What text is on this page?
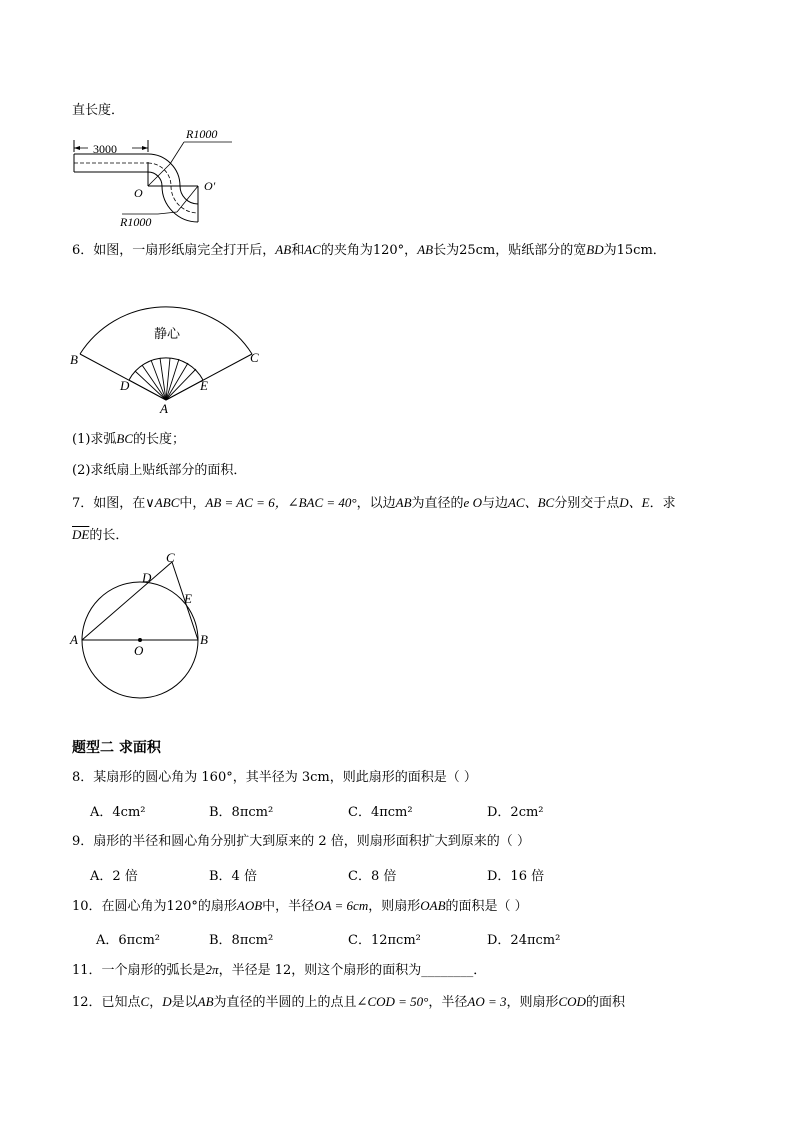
直长度．
3000
R1000
R1000
O	O′
6．如图，一扇形纸扇完全打开后，AB和AC的夹角为120°，AB长为25cm，贴纸部分的宽BD为15cm．
静心
B	C
D	E
A
(1)求弧BC的长度；
(2)求纸扇上贴纸部分的面积．
7．如图，在∨ABC中，AB = AC = 6，∠BAC = 40°，以边AB为直径的e O与边AC、BC分别交于点D、E．求
$\overline{DE}$的长．
A	B
C
D
E
O
题型二 求面积
8．某扇形的圆心角为 160°，其半径为 3cm，则此扇形的面积是（ ）
A．4cm²	B．8πcm²	C．4πcm²	D．2cm²
9．扇形的半径和圆心角分别扩大到原来的 2 倍，则扇形面积扩大到原来的（ ）
A．2 倍	B．4 倍	C．8 倍	D．16 倍
10．在圆心角为120°的扇形AOB中，半径OA = 6cm，则扇形OAB的面积是（ ）
A．6πcm²	B．8πcm²	C．12πcm²	D．24πcm²
11．一个扇形的弧长是2π，半径是 12，则这个扇形的面积为________．
12．已知点C，D是以AB为直径的半圆的上的点且∠COD = 50°，半径AO = 3，则扇形COD的面积
